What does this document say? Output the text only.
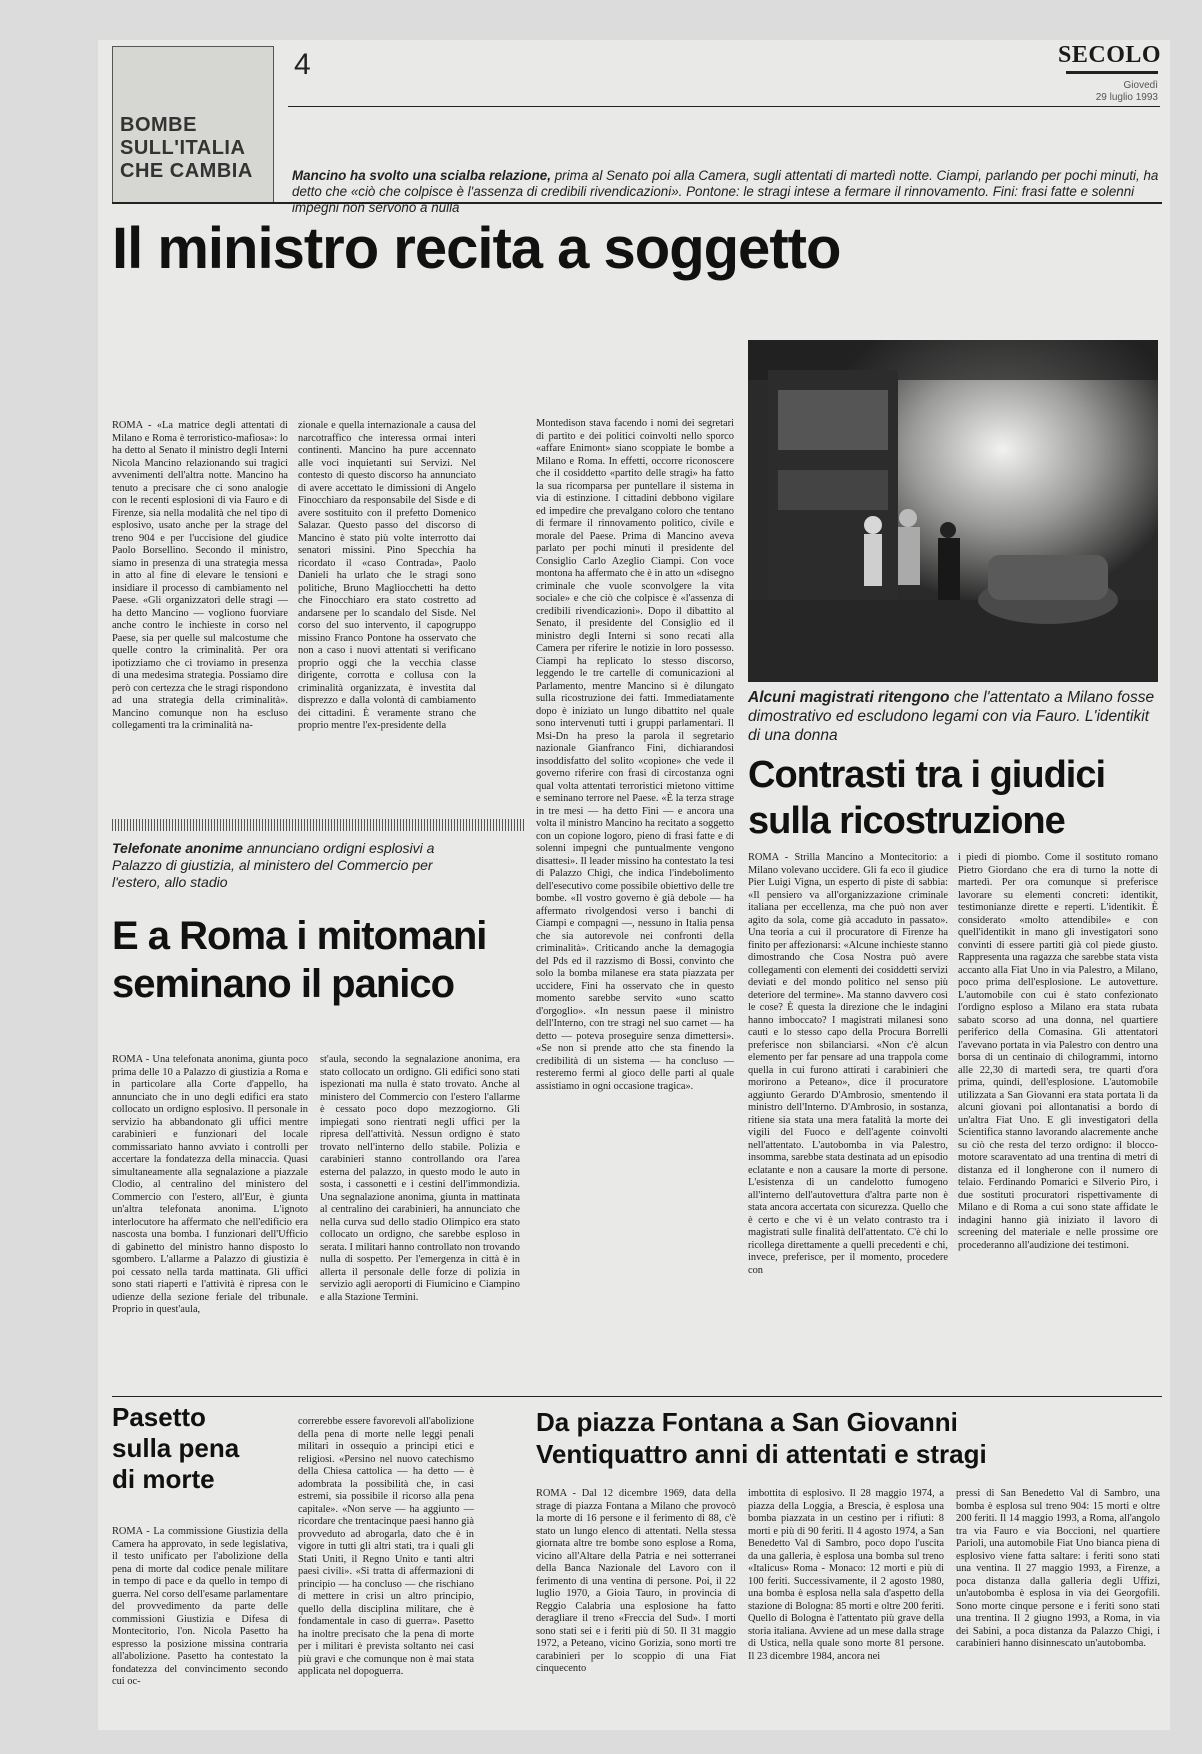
BOMBE SULL'ITALIA CHE CAMBIA
4	SECOLO
Giovedì
29 luglio 1993
Mancino ha svolto una scialba relazione, prima al Senato poi alla Camera, sugli attentati di martedì notte. Ciampi, parlando per pochi minuti, ha detto che «ciò che colpisce è l'assenza di credibili rivendicazioni». Pontone: le stragi intese a fermare il rinnovamento. Fini: frasi fatte e solenni impegni non servono a nulla
Il ministro recita a soggetto
ROMA - «La matrice degli attentati di Milano e Roma è terroristico-mafiosa»: lo ha detto al Senato il ministro degli Interni Nicola Mancino relazionando sui tragici avvenimenti dell'altra notte. Mancino ha tenuto a precisare che ci sono analogie con le recenti esplosioni di via Fauro e di Firenze, sia nella modalità che nel tipo di esplosivo, usato anche per la strage del treno 904 e per l'uccisione del giudice Paolo Borsellino. Secondo il ministro, siamo in presenza di una strategia messa in atto al fine di elevare le tensioni e insidiare il processo di cambiamento nel Paese. «Gli organizzatori delle stragi — ha detto Mancino — vogliono fuorviare anche contro le inchieste in corso nel Paese, sia per quelle sul malcostume che quelle contro la criminalità. Per ora ipotizziamo che ci troviamo in presenza di una medesima strategia. Possiamo dire però con certezza che le stragi rispondono ad una strategia della criminalità». Mancino comunque non ha escluso collegamenti tra la criminalità na-
zionale e quella internazionale a causa del narcotraffico che interessa ormai interi continenti. Mancino ha pure accennato alle voci inquietanti sui Servizi. Nel contesto di questo discorso ha annunciato di avere accettato le dimissioni di Angelo Finocchiaro da responsabile del Sisde e di avere sostituito con il prefetto Domenico Salazar. Questo passo del discorso di Mancino è stato più volte interrotto dai senatori missini. Pino Specchia ha ricordato il «caso Contrada», Paolo Danieli ha urlato che le stragi sono politiche, Bruno Magliocchetti ha detto che Finocchiaro era stato costretto ad andarsene per lo scandalo del Sisde. Nel corso del suo intervento, il capogruppo missino Franco Pontone ha osservato che non a caso i nuovi attentati si verificano proprio oggi che la vecchia classe dirigente, corrotta e collusa con la criminalità organizzata, è investita dal disprezzo e dalla volontà di cambiamento dei cittadini. È veramente strano che proprio mentre l'ex-presidente della
Montedison stava facendo i nomi dei segretari di partito e dei politici coinvolti nello sporco «affare Enimont» siano scoppiate le bombe a Milano e Roma. In effetti, occorre riconoscere che il cosiddetto «partito delle stragi» ha fatto la sua ricomparsa per puntellare il sistema in via di estinzione. I cittadini debbono vigilare ed impedire che prevalgano coloro che tentano di fermare il rinnovamento politico, civile e morale del Paese. Prima di Mancino aveva parlato per pochi minuti il presidente del Consiglio Carlo Azeglio Ciampi. Con voce montona ha affermato che è in atto un «disegno criminale che vuole sconvolgere la vita sociale» e che ciò che colpisce è «l'assenza di credibili rivendicazioni». Dopo il dibattito al Senato, il presidente del Consiglio ed il ministro degli Interni si sono recati alla Camera per riferire le notizie in loro possesso. Ciampi ha replicato lo stesso discorso, leggendo le tre cartelle di comunicazioni al Parlamento, mentre Mancino si è dilungato sulla ricostruzione dei fatti. Immediatamente dopo è iniziato un lungo dibattito nel quale sono intervenuti tutti i gruppi parlamentari. Il Msi-Dn ha preso la parola il segretario nazionale Gianfranco Fini, dichiarandosi insoddisfatto del solito «copione» che vede il governo riferire con frasi di circostanza ogni qual volta attentati terroristici mietono vittime e seminano terrore nel Paese. «È la terza strage in tre mesi — ha detto Fini — e ancora una volta il ministro Mancino ha recitato a soggetto con un copione logoro, pieno di frasi fatte e di solenni impegni che puntualmente vengono disattesi». Il leader missino ha contestato la tesi di Palazzo Chigi, che indica l'indebolimento dell'esecutivo come possibile obiettivo delle tre bombe. «Il vostro governo è già debole — ha affermato rivolgendosi verso i banchi di Ciampi e compagni —, nessuno in Italia pensa che sia autorevole nei confronti della criminalità». Criticando anche la demagogia del Pds ed il razzismo di Bossi, convinto che solo la bomba milanese era stata piazzata per uccidere, Fini ha osservato che in questo momento sarebbe servito «uno scatto d'orgoglio». «In nessun paese il ministro dell'Interno, con tre stragi nel suo carnet — ha detto — poteva proseguire senza dimettersi». «Se non si prende atto che sta finendo la credibilità di un sistema — ha concluso — resteremo fermi al gioco delle parti al quale assistiamo in ogni occasione tragica».
Alcuni magistrati ritengono che l'attentato a Milano fosse dimostrativo ed escludono legami con via Fauro. L'identikit di una donna
Contrasti tra i giudici
sulla ricostruzione
ROMA - Strilla Mancino a Montecitorio: a Milano volevano uccidere. Gli fa eco il giudice Pier Luigi Vigna, un esperto di piste di sabbia: «Il pensiero va all'organizzazione criminale italiana per eccellenza, ma che può non aver agito da sola, come già accaduto in passato». Una teoria a cui il procuratore di Firenze ha finito per affezionarsi: «Alcune inchieste stanno dimostrando che Cosa Nostra può avere collegamenti con elementi dei cosiddetti servizi deviati e del mondo politico nel senso più deteriore del termine». Ma stanno davvero così le cose? È questa la direzione che le indagini hanno imboccato? I magistrati milanesi sono cauti e lo stesso capo della Procura Borrelli preferisce non sbilanciarsi. «Non c'è alcun elemento per far pensare ad una trappola come quella in cui furono attirati i carabinieri che morirono a Peteano», dice il procuratore aggiunto Gerardo D'Ambrosio, smentendo il ministro dell'Interno. D'Ambrosio, in sostanza, ritiene sia stata una mera fatalità la morte dei vigili del Fuoco e dell'agente coinvolti nell'attentato. L'autobomba in via Palestro, insomma, sarebbe stata destinata ad un episodio eclatante e non a causare la morte di persone. L'esistenza di un candelotto fumogeno all'interno dell'autovettura d'altra parte non è stata ancora accertata con sicurezza. Quello che è certo e che vi è un velato contrasto tra i magistrati sulle finalità dell'attentato. C'è chi lo ricollega direttamente a quelli precedenti e chi, invece, preferisce, per il momento, procedere con
i piedi di piombo. Come il sostituto romano Pietro Giordano che era di turno la notte di martedì. Per ora comunque si preferisce lavorare su elementi concreti: identikit, testimonianze dirette e reperti. L'identikit. È considerato «molto attendibile» e con quell'identikit in mano gli investigatori sono convinti di essere partiti già col piede giusto. Rappresenta una ragazza che sarebbe stata vista accanto alla Fiat Uno in via Palestro, a Milano, poco prima dell'esplosione. Le autovetture. L'automobile con cui è stato confezionato l'ordigno esploso a Milano era stata rubata sabato scorso ad una donna, nel quartiere periferico della Comasina. Gli attentatori l'avevano portata in via Palestro con dentro una borsa di un centinaio di chilogrammi, intorno alle 22,30 di martedì sera, tre quarti d'ora prima, quindi, dell'esplosione. L'automobile utilizzata a San Giovanni era stata portata lì da alcuni giovani poi allontanatisi a bordo di un'altra Fiat Uno. E gli investigatori della Scientifica stanno lavorando alacremente anche su ciò che resta del terzo ordigno: il blocco-motore scaraventato ad una trentina di metri di distanza ed il longherone con il numero di telaio. Ferdinando Pomarici e Silverio Piro, i due sostituti procuratori rispettivamente di Milano e di Roma a cui sono state affidate le indagini hanno già iniziato il lavoro di screening del materiale e nelle prossime ore procederanno all'audizione dei testimoni.
Telefonate anonime annunciano ordigni esplosivi a Palazzo di giustizia, al ministero del Commercio per l'estero, allo stadio
E a Roma i mitomani
seminano il panico
ROMA - Una telefonata anonima, giunta poco prima delle 10 a Palazzo di giustizia a Roma e in particolare alla Corte d'appello, ha annunciato che in uno degli edifici era stato collocato un ordigno esplosivo. Il personale in servizio ha abbandonato gli uffici mentre carabinieri e funzionari del locale commissariato hanno avviato i controlli per accertare la fondatezza della minaccia. Quasi simultaneamente alla segnalazione a piazzale Clodio, al centralino del ministero del Commercio con l'estero, all'Eur, è giunta un'altra telefonata anonima. L'ignoto interlocutore ha affermato che nell'edificio era nascosta una bomba. I funzionari dell'Ufficio di gabinetto del ministro hanno disposto lo sgombero. L'allarme a Palazzo di giustizia è poi cessato nella tarda mattinata. Gli uffici sono stati riaperti e l'attività è ripresa con le udienze della sezione feriale del tribunale. Proprio in quest'aula,
st'aula, secondo la segnalazione anonima, era stato collocato un ordigno. Gli edifici sono stati ispezionati ma nulla è stato trovato. Anche al ministero del Commercio con l'estero l'allarme è cessato poco dopo mezzogiorno. Gli impiegati sono rientrati negli uffici per la ripresa dell'attività. Nessun ordigno è stato trovato nell'interno dello stabile. Polizia e carabinieri stanno controllando ora l'area esterna del palazzo, in questo modo le auto in sosta, i cassonetti e i cestini dell'immondizia. Una segnalazione anonima, giunta in mattinata al centralino dei carabinieri, ha annunciato che nella curva sud dello stadio Olimpico era stato collocato un ordigno, che sarebbe esploso in serata. I militari hanno controllato non trovando nulla di sospetto. Per l'emergenza in città è in allerta il personale delle forze di polizia in servizio agli aeroporti di Fiumicino e Ciampino e alla Stazione Termini.
Pasetto
sulla pena
di morte
ROMA - La commissione Giustizia della Camera ha approvato, in sede legislativa, il testo unificato per l'abolizione della pena di morte dal codice penale militare in tempo di pace e da quello in tempo di guerra. Nel corso dell'esame parlamentare del provvedimento da parte delle commissioni Giustizia e Difesa di Montecitorio, l'on. Nicola Pasetto ha espresso la posizione missina contraria all'abolizione. Pasetto ha contestato la fondatezza del convincimento secondo cui oc-
correrebbe essere favorevoli all'abolizione della pena di morte nelle leggi penali militari in ossequio a principi etici e religiosi. «Persino nel nuovo catechismo della Chiesa cattolica — ha detto — è adombrata la possibilità che, in casi estremi, sia possibile il ricorso alla pena capitale». «Non serve — ha aggiunto — ricordare che trentacinque paesi hanno già provveduto ad abrogarla, dato che è in vigore in tutti gli altri stati, tra i quali gli Stati Uniti, il Regno Unito e tanti altri paesi civili». «Si tratta di affermazioni di principio — ha concluso — che rischiano di mettere in crisi un altro principio, quello della disciplina militare, che è fondamentale in caso di guerra». Pasetto ha inoltre precisato che la pena di morte per i militari è prevista soltanto nei casi più gravi e che comunque non è mai stata applicata nel dopoguerra.
Da piazza Fontana a San Giovanni
Ventiquattro anni di attentati e stragi
ROMA - Dal 12 dicembre 1969, data della strage di piazza Fontana a Milano che provocò la morte di 16 persone e il ferimento di 88, c'è stato un lungo elenco di attentati. Nella stessa giornata altre tre bombe sono esplose a Roma, vicino all'Altare della Patria e nei sotterranei della Banca Nazionale del Lavoro con il ferimento di una ventina di persone. Poi, il 22 luglio 1970, a Gioia Tauro, in provincia di Reggio Calabria una esplosione ha fatto deragliare il treno «Freccia del Sud». I morti sono stati sei e i feriti più di 50. Il 31 maggio 1972, a Peteano, vicino Gorizia, sono morti tre carabinieri per lo scoppio di una Fiat cinquecento
imbottita di esplosivo. Il 28 maggio 1974, a piazza della Loggia, a Brescia, è esplosa una bomba piazzata in un cestino per i rifiuti: 8 morti e più di 90 feriti. Il 4 agosto 1974, a San Benedetto Val di Sambro, poco dopo l'uscita da una galleria, è esplosa una bomba sul treno «Italicus» Roma - Monaco: 12 morti e più di 100 feriti. Successivamente, il 2 agosto 1980, una bomba è esplosa nella sala d'aspetto della stazione di Bologna: 85 morti e oltre 200 feriti. Quello di Bologna è l'attentato più grave della storia italiana. Avviene ad un mese dalla strage di Ustica, nella quale sono morte 81 persone. Il 23 dicembre 1984, ancora nei
pressi di San Benedetto Val di Sambro, una bomba è esplosa sul treno 904: 15 morti e oltre 200 feriti. Il 14 maggio 1993, a Roma, all'angolo tra via Fauro e via Boccioni, nel quartiere Parioli, una automobile Fiat Uno bianca piena di esplosivo viene fatta saltare: i feriti sono stati una ventina. Il 27 maggio 1993, a Firenze, a poca distanza dalla galleria degli Uffizi, un'autobomba è esplosa in via dei Georgofili. Sono morte cinque persone e i feriti sono stati una trentina. Il 2 giugno 1993, a Roma, in via dei Sabini, a poca distanza da Palazzo Chigi, i carabinieri hanno disinnescato un'autobomba.
